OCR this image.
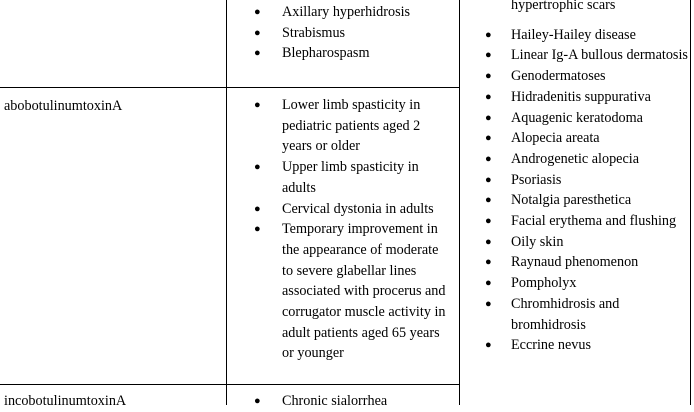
● Axillary hyperhidrosis
● Strabismus
● Blepharospasm
abobotulinumtoxinA	● Lower limb spasticity in pediatric patients aged 2 years or older
● Upper limb spasticity in adults
● Cervical dystonia in adults
● Temporary improvement in the appearance of moderate to severe glabellar lines associated with procerus and corrugator muscle activity in adult patients aged 65 years or younger
incobotulinumtoxinA	● Chronic sialorrhea
hypertrophic scars
● Hailey-Hailey disease
● Linear Ig-A bullous dermatosis
● Genodermatoses
● Hidradenitis suppurativa
● Aquagenic keratodoma
● Alopecia areata
● Androgenetic alopecia
● Psoriasis
● Notalgia paresthetica
● Facial erythema and flushing
● Oily skin
● Raynaud phenomenon
● Pompholyx
● Chromhidrosis and bromhidrosis
● Eccrine nevus
